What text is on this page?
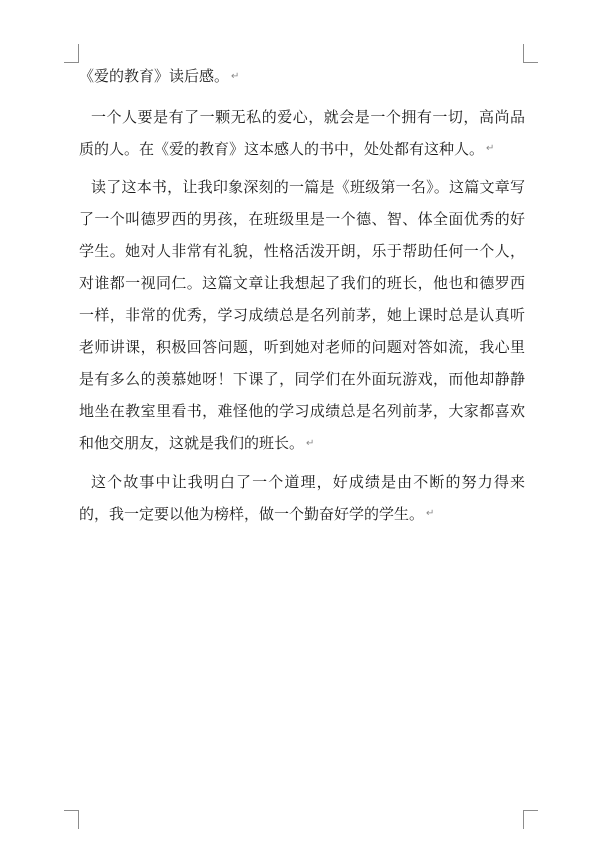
《爱的教育》读后感。 ↵

一个人要是有了一颗无私的爱心，就会是一个拥有一切，高尚品质的人。在《爱的教育》这本感人的书中，处处都有这种人。 ↵

读了这本书，让我印象深刻的一篇是《班级第一名》。这篇文章写了一个叫德罗西的男孩，在班级里是一个德、智、体全面优秀的好学生。她对人非常有礼貌，性格活泼开朗，乐于帮助任何一个人，对谁都一视同仁。这篇文章让我想起了我们的班长，他也和德罗西一样，非常的优秀，学习成绩总是名列前茅，她上课时总是认真听老师讲课，积极回答问题，听到她对老师的问题对答如流，我心里是有多么的羡慕她呀！下课了，同学们在外面玩游戏，而他却静静地坐在教室里看书，难怪他的学习成绩总是名列前茅，大家都喜欢和他交朋友，这就是我们的班长。 ↵

这个故事中让我明白了一个道理，好成绩是由不断的努力得来的，我一定要以他为榜样，做一个勤奋好学的学生。 ↵
